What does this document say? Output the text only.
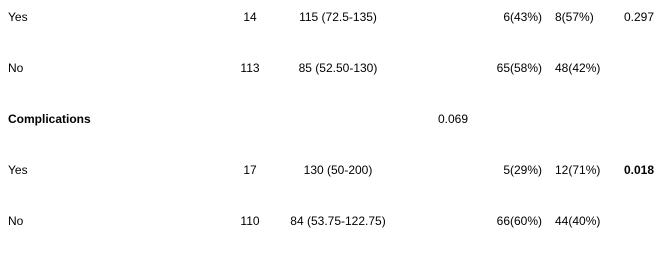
Yes	14	115 (72.5-135)	6(43%) 8(57%)	0.297
No	113	85 (52.50-130)	65(58%) 48(42%)
Complications	0.069
Yes	17	130 (50-200)	5(29%) 12(71%) 0.018
No	110	84 (53.75-122.75)	66(60%) 44(40%)
